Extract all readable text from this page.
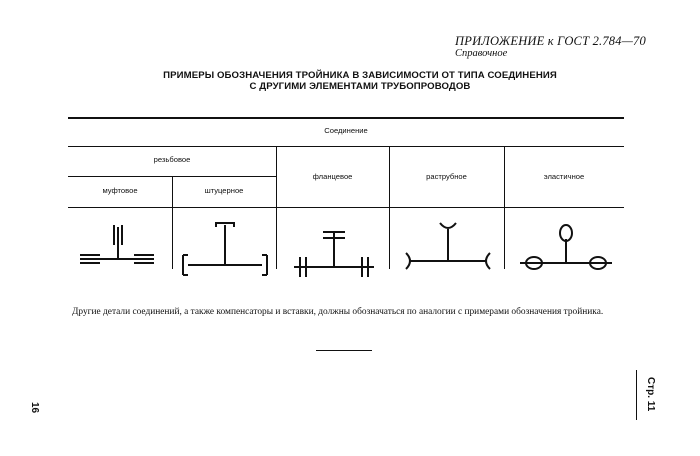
ПРИЛОЖЕНИЕ к ГОСТ 2.784—70
Справочное
ПРИМЕРЫ ОБОЗНАЧЕНИЯ ТРОЙНИКА В ЗАВИСИМОСТИ ОТ ТИПА СОЕДИНЕНИЯ
С ДРУГИМИ ЭЛЕМЕНТАМИ ТРУБОПРОВОДОВ
Соединение
резьбовое
муфтовое	штуцерное
фланцевое	раструбное	эластичное
Другие детали соединений, а также компенсаторы и вставки, должны обозначаться по аналогии с примерами обозначения тройника.
16	Стр. 11
